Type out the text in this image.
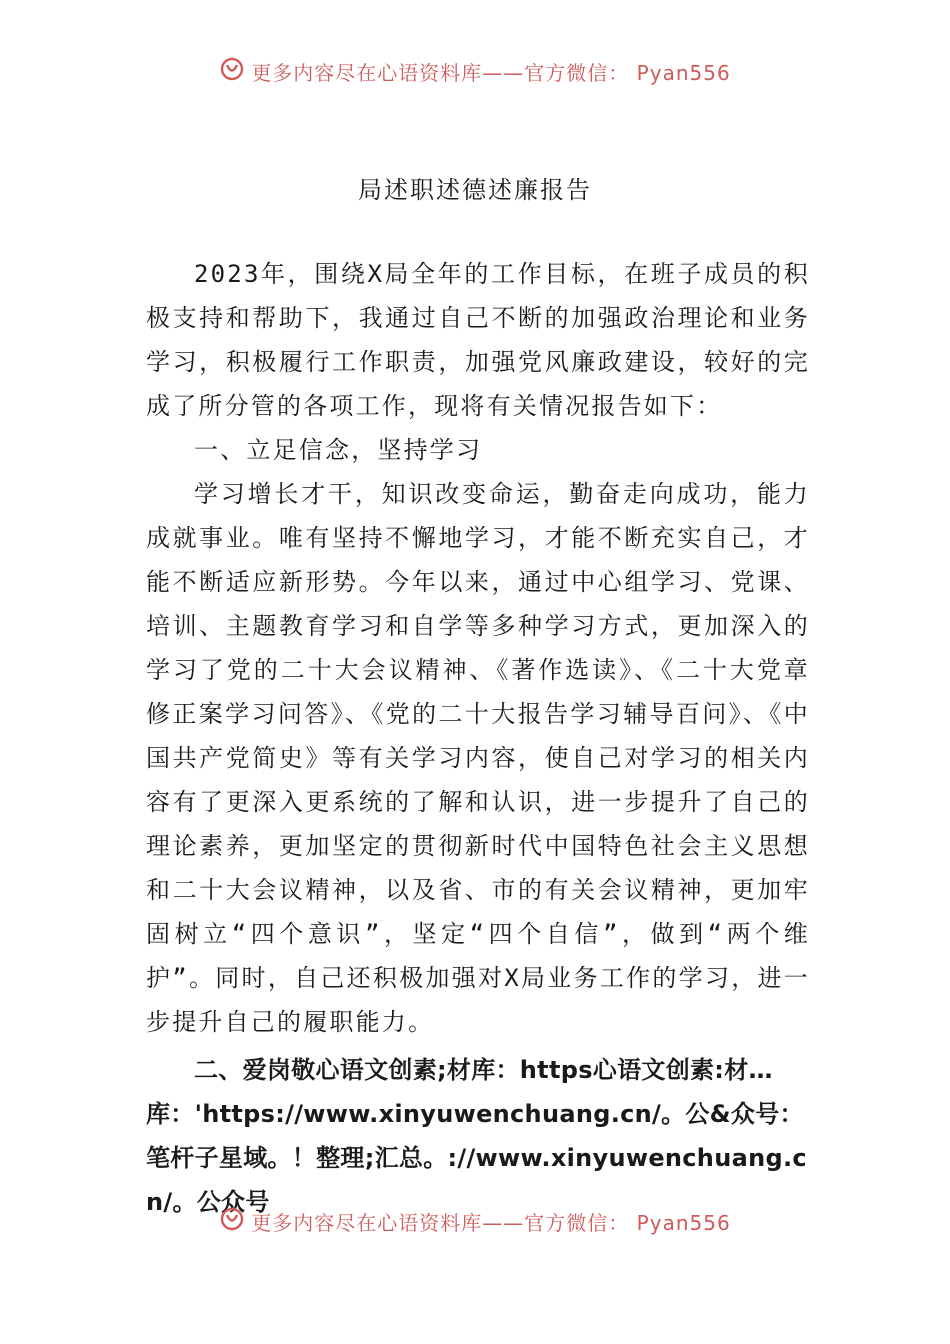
更多内容尽在心语资料库——官方微信： Pyan556
局述职述德述廉报告

2023年，围绕X局全年的工作目标，在班子成员的积极支持和帮助下，我通过自己不断的加强政治理论和业务学习，积极履行工作职责，加强党风廉政建设，较好的完成了所分管的各项工作，现将有关情况报告如下：

一、立足信念，坚持学习

学习增长才干，知识改变命运，勤奋走向成功，能力成就事业。唯有坚持不懈地学习，才能不断充实自己，才能不断适应新形势。今年以来，通过中心组学习、党课、培训、主题教育学习和自学等多种学习方式，更加深入的学习了党的二十大会议精神、《著作选读》、《二十大党章修正案学习问答》、《党的二十大报告学习辅导百问》、《中国共产党简史》等有关学习内容，使自己对学习的相关内容有了更深入更系统的了解和认识，进一步提升了自己的理论素养，更加坚定的贯彻新时代中国特色社会主义思想和二十大会议精神，以及省、市的有关会议精神，更加牢固树立“四个意识”，坚定“四个自信”，做到“两个维护”。同时，自己还积极加强对X局业务工作的学习，进一步提升自己的履职能力。

二、爱岗敬心语文创素;材库：https心语文创素:材…库：'https://www.xinyuwenchuang.cn/。公&众号：笔杆子星域。！整理;汇总。://www.xinyuwenchuang.cn/。公众号

更多内容尽在心语资料库——官方微信： Pyan556
